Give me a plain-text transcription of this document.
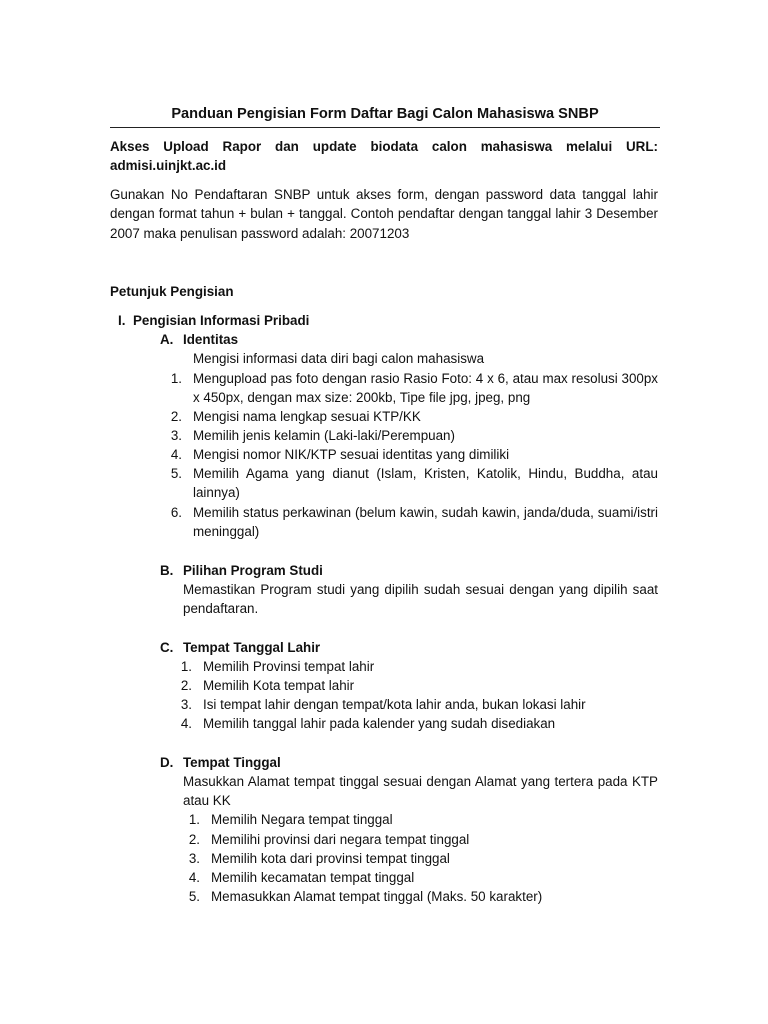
Panduan Pengisian Form Daftar Bagi Calon Mahasiswa SNBP
Akses Upload Rapor dan update biodata calon mahasiswa melalui URL: admisi.uinjkt.ac.id
Gunakan No Pendaftaran SNBP untuk akses form, dengan password data tanggal lahir dengan format tahun + bulan + tanggal. Contoh pendaftar dengan tanggal lahir 3 Desember 2007 maka penulisan password adalah: 20071203
Petunjuk Pengisian
I. Pengisian Informasi Pribadi
A. Identitas
Mengisi informasi data diri bagi calon mahasiswa
1. Mengupload pas foto dengan rasio Rasio Foto: 4 x 6, atau max resolusi 300px x 450px, dengan max size: 200kb, Tipe file jpg, jpeg, png
2. Mengisi nama lengkap sesuai KTP/KK
3. Memilih jenis kelamin (Laki-laki/Perempuan)
4. Mengisi nomor NIK/KTP sesuai identitas yang dimiliki
5. Memilih Agama yang dianut (Islam, Kristen, Katolik, Hindu, Buddha, atau lainnya)
6. Memilih status perkawinan (belum kawin, sudah kawin, janda/duda, suami/istri meninggal)
B. Pilihan Program Studi
Memastikan Program studi yang dipilih sudah sesuai dengan yang dipilih saat pendaftaran.
C. Tempat Tanggal Lahir
1. Memilih Provinsi tempat lahir
2. Memilih Kota tempat lahir
3. Isi tempat lahir dengan tempat/kota lahir anda, bukan lokasi lahir
4. Memilih tanggal lahir pada kalender yang sudah disediakan
D. Tempat Tinggal
Masukkan Alamat tempat tinggal sesuai dengan Alamat yang tertera pada KTP atau KK
1. Memilih Negara tempat tinggal
2. Memilihi provinsi dari negara tempat tinggal
3. Memilih kota dari provinsi tempat tinggal
4. Memilih kecamatan tempat tinggal
5. Memasukkan Alamat tempat tinggal (Maks. 50 karakter)
